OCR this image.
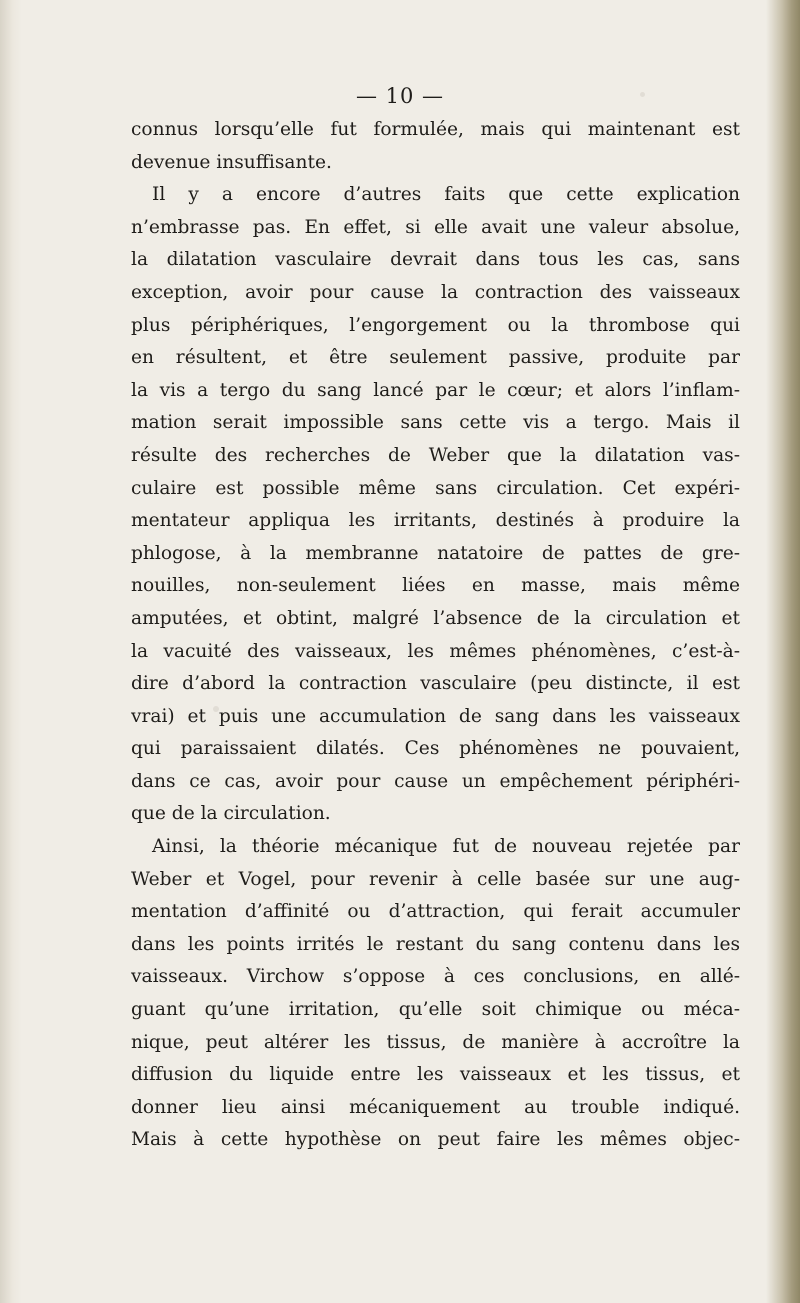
— 10 —
connus lorsqu’elle fut formulée, mais qui maintenant est
devenue insuffisante.
Il y a encore d’autres faits que cette explication
n’embrasse pas. En effet, si elle avait une valeur absolue,
la dilatation vasculaire devrait dans tous les cas, sans
exception, avoir pour cause la contraction des vaisseaux
plus périphériques, l’engorgement ou la thrombose qui
en résultent, et être seulement passive, produite par
la vis a tergo du sang lancé par le cœur; et alors l’inflam-
mation serait impossible sans cette vis a tergo. Mais il
résulte des recherches de Weber que la dilatation vas-
culaire est possible même sans circulation. Cet expéri-
mentateur appliqua les irritants, destinés à produire la
phlogose, à la membranne natatoire de pattes de gre-
nouilles, non-seulement liées en masse, mais même
amputées, et obtint, malgré l’absence de la circulation et
la vacuité des vaisseaux, les mêmes phénomènes, c’est-à-
dire d’abord la contraction vasculaire (peu distincte, il est
vrai) et puis une accumulation de sang dans les vaisseaux
qui paraissaient dilatés. Ces phénomènes ne pouvaient,
dans ce cas, avoir pour cause un empêchement périphéri-
que de la circulation.
Ainsi, la théorie mécanique fut de nouveau rejetée par
Weber et Vogel, pour revenir à celle basée sur une aug-
mentation d’affinité ou d’attraction, qui ferait accumuler
dans les points irrités le restant du sang contenu dans les
vaisseaux. Virchow s’oppose à ces conclusions, en allé-
guant qu’une irritation, qu’elle soit chimique ou méca-
nique, peut altérer les tissus, de manière à accroître la
diffusion du liquide entre les vaisseaux et les tissus, et
donner lieu ainsi mécaniquement au trouble indiqué.
Mais à cette hypothèse on peut faire les mêmes objec-
